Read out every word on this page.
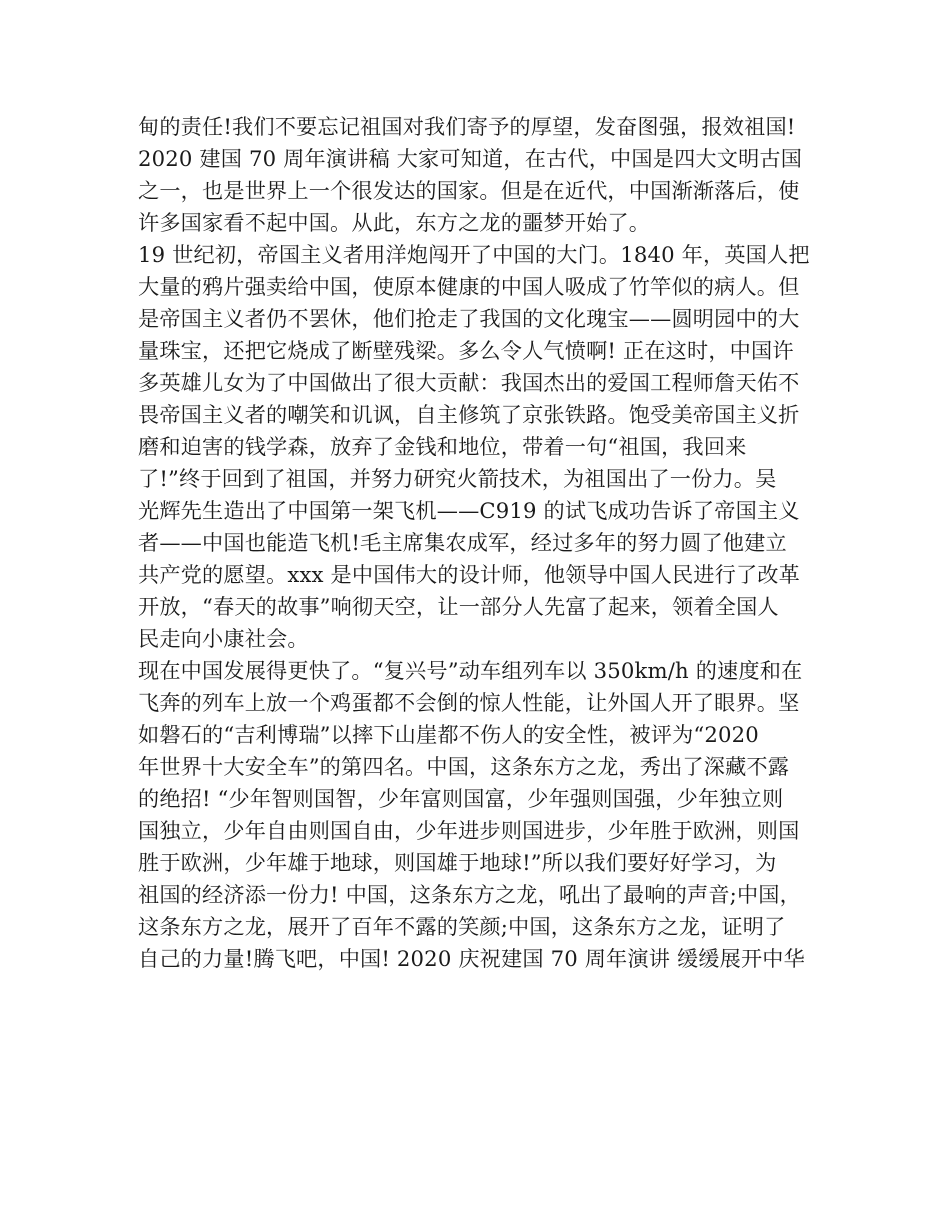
甸的责任!我们不要忘记祖国对我们寄予的厚望，发奋图强，报效祖国!
2020 建国 70 周年演讲稿 大家可知道，在古代，中国是四大文明古国
之一，也是世界上一个很发达的国家。但是在近代，中国渐渐落后，使
许多国家看不起中国。从此，东方之龙的噩梦开始了。
19 世纪初，帝国主义者用洋炮闯开了中国的大门。1840 年，英国人把
大量的鸦片强卖给中国，使原本健康的中国人吸成了竹竿似的病人。但
是帝国主义者仍不罢休，他们抢走了我国的文化瑰宝——圆明园中的大
量珠宝，还把它烧成了断壁残梁。多么令人气愤啊! 正在这时，中国许
多英雄儿女为了中国做出了很大贡献：我国杰出的爱国工程师詹天佑不
畏帝国主义者的嘲笑和讥讽，自主修筑了京张铁路。饱受美帝国主义折
磨和迫害的钱学森，放弃了金钱和地位，带着一句“祖国，我回来
了!”终于回到了祖国，并努力研究火箭技术，为祖国出了一份力。吴
光辉先生造出了中国第一架飞机——C919 的试飞成功告诉了帝国主义
者——中国也能造飞机!毛主席集农成军，经过多年的努力圆了他建立
共产党的愿望。xxx 是中国伟大的设计师，他领导中国人民进行了改革
开放，“春天的故事”响彻天空，让一部分人先富了起来，领着全国人
民走向小康社会。
现在中国发展得更快了。“复兴号”动车组列车以 350km/h 的速度和在
飞奔的列车上放一个鸡蛋都不会倒的惊人性能，让外国人开了眼界。坚
如磐石的“吉利博瑞”以摔下山崖都不伤人的安全性，被评为“2020
年世界十大安全车”的第四名。中国，这条东方之龙，秀出了深藏不露
的绝招! “少年智则国智，少年富则国富，少年强则国强，少年独立则
国独立，少年自由则国自由，少年进步则国进步，少年胜于欧洲，则国
胜于欧洲，少年雄于地球，则国雄于地球!”所以我们要好好学习，为
祖国的经济添一份力! 中国，这条东方之龙，吼出了最响的声音;中国，
这条东方之龙，展开了百年不露的笑颜;中国，这条东方之龙，证明了
自己的力量!腾飞吧，中国! 2020 庆祝建国 70 周年演讲 缓缓展开中华
